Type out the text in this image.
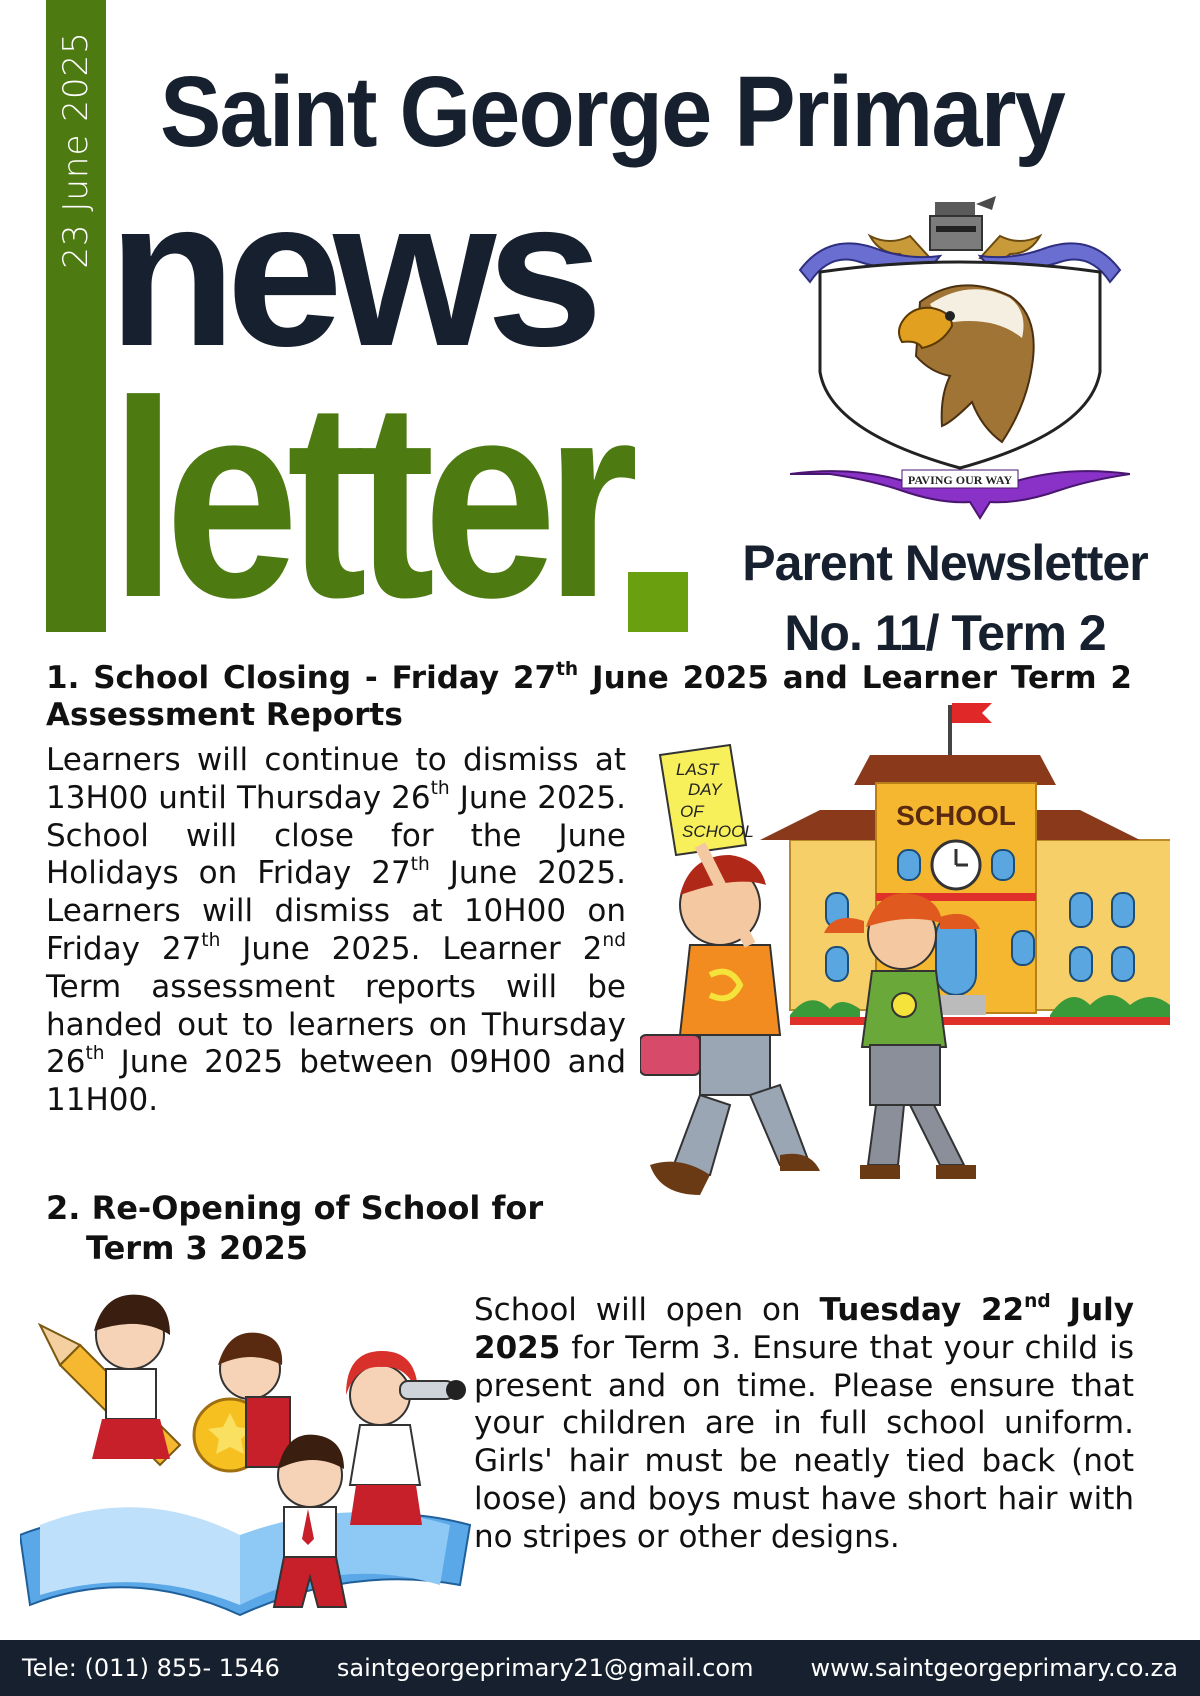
23 June 2025 Saint George Primary
news
letter	PAVING OUR WAY
Parent Newsletter
No. 11/ Term 2
1. School Closing - Friday 27th June 2025 and Learner Term 2 Assessment Reports
Learners will continue to dismiss at 13H00 until Thursday 26th June 2025. School will close for the June Holidays on Friday 27th June 2025. Learners will dismiss at 10H00 on Friday 27th June 2025. Learner 2nd Term assessment reports will be handed out to learners on Thursday 26th June 2025 between 09H00 and 11H00.
SCHOOL
LAST
DAY
OF
SCHOOL
2. Re-Opening of School for
Term 3 2025
School will open on Tuesday 22nd July 2025 for Term 3. Ensure that your child is present and on time. Please ensure that your children are in full school uniform. Girls' hair must be neatly tied back (not loose) and boys must have short hair with no stripes or other designs.
Tele: (011) 855- 1546 saintgeorgeprimary21@gmail.com www.saintgeorgeprimary.co.za
